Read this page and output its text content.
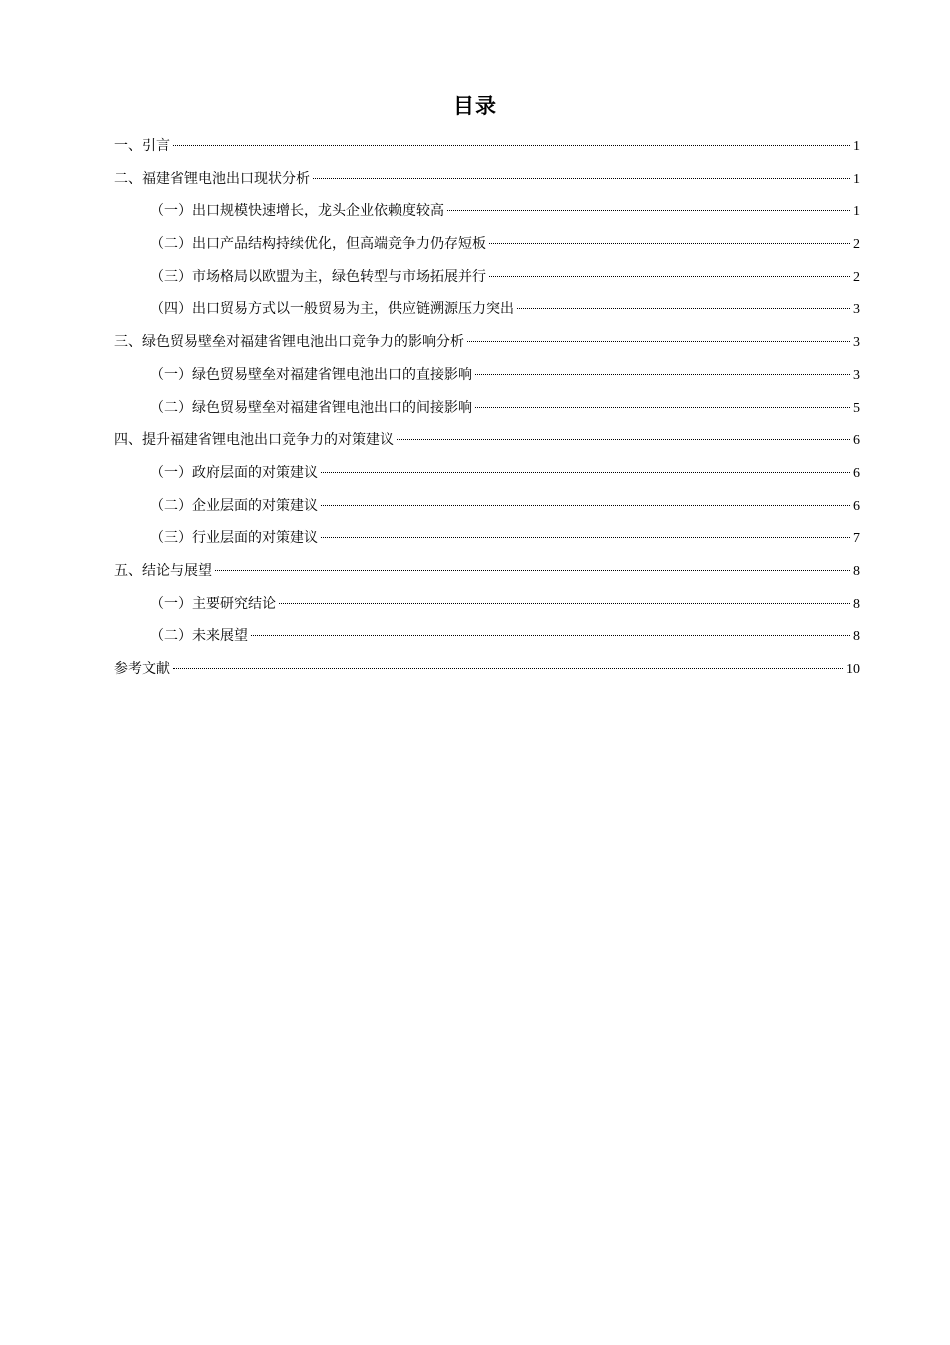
目录
一、引言	1
二、福建省锂电池出口现状分析	1
（一）出口规模快速增长，龙头企业依赖度较高	1
（二）出口产品结构持续优化，但高端竞争力仍存短板	2
（三）市场格局以欧盟为主，绿色转型与市场拓展并行	2
（四）出口贸易方式以一般贸易为主，供应链溯源压力突出	3
三、绿色贸易壁垒对福建省锂电池出口竞争力的影响分析	3
（一）绿色贸易壁垒对福建省锂电池出口的直接影响	3
（二）绿色贸易壁垒对福建省锂电池出口的间接影响	5
四、提升福建省锂电池出口竞争力的对策建议	6
（一）政府层面的对策建议	6
（二）企业层面的对策建议	6
（三）行业层面的对策建议	7
五、结论与展望	8
（一）主要研究结论	8
（二）未来展望	8
参考文献	10
